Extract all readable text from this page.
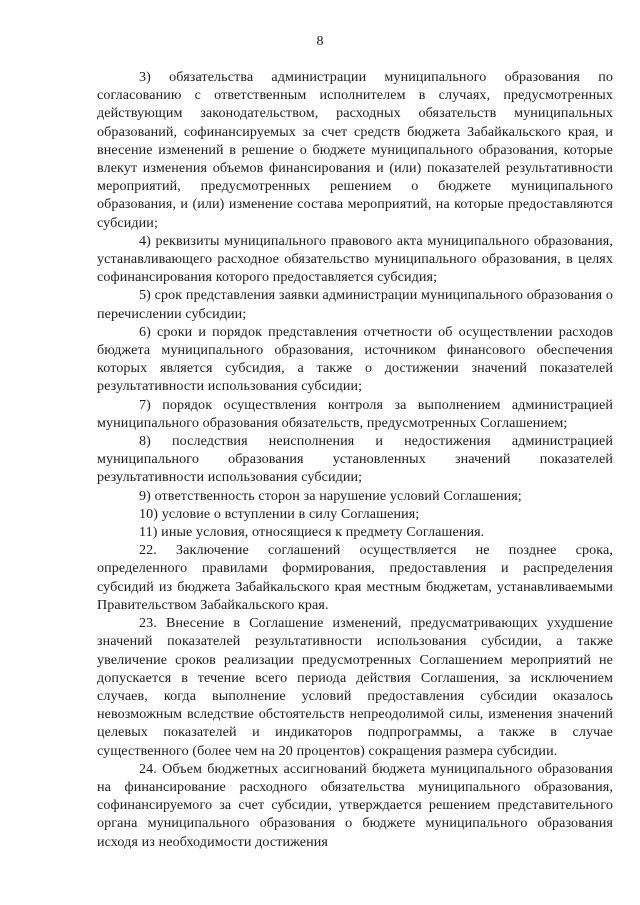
8

3) обязательства администрации муниципального образования по согласованию с ответственным исполнителем в случаях, предусмотренных действующим законодательством, расходных обязательств муниципальных образований, софинансируемых за счет средств бюджета Забайкальского края, и внесение изменений в решение о бюджете муниципального образования, которые влекут изменения объемов финансирования и (или) показателей результативности мероприятий, предусмотренных решением о бюджете муниципального образования, и (или) изменение состава мероприятий, на которые предоставляются субсидии;

4) реквизиты муниципального правового акта муниципального образования, устанавливающего расходное обязательство муниципального образования, в целях софинансирования которого предоставляется субсидия;

5) срок представления заявки администрации муниципального образования о перечислении субсидии;

6) сроки и порядок представления отчетности об осуществлении расходов бюджета муниципального образования, источником финансового обеспечения которых является субсидия, а также о достижении значений показателей результативности использования субсидии;

7) порядок осуществления контроля за выполнением администрацией муниципального образования обязательств, предусмотренных Соглашением;

8) последствия неисполнения и недостижения администрацией муниципального образования установленных значений показателей результативности использования субсидии;

9) ответственность сторон за нарушение условий Соглашения;

10) условие о вступлении в силу Соглашения;

11) иные условия, относящиеся к предмету Соглашения.

22. Заключение соглашений осуществляется не позднее срока, определенного правилами формирования, предоставления и распределения субсидий из бюджета Забайкальского края местным бюджетам, устанавливаемыми Правительством Забайкальского края.

23. Внесение в Соглашение изменений, предусматривающих ухудшение значений показателей результативности использования субсидии, а также увеличение сроков реализации предусмотренных Соглашением мероприятий не допускается в течение всего периода действия Соглашения, за исключением случаев, когда выполнение условий предоставления субсидии оказалось невозможным вследствие обстоятельств непреодолимой силы, изменения значений целевых показателей и индикаторов подпрограммы, а также в случае существенного (более чем на 20 процентов) сокращения размера субсидии.

24. Объем бюджетных ассигнований бюджета муниципального образования на финансирование расходного обязательства муниципального образования, софинансируемого за счет субсидии, утверждается решением представительного органа муниципального образования о бюджете муниципального образования исходя из необходимости достижения
